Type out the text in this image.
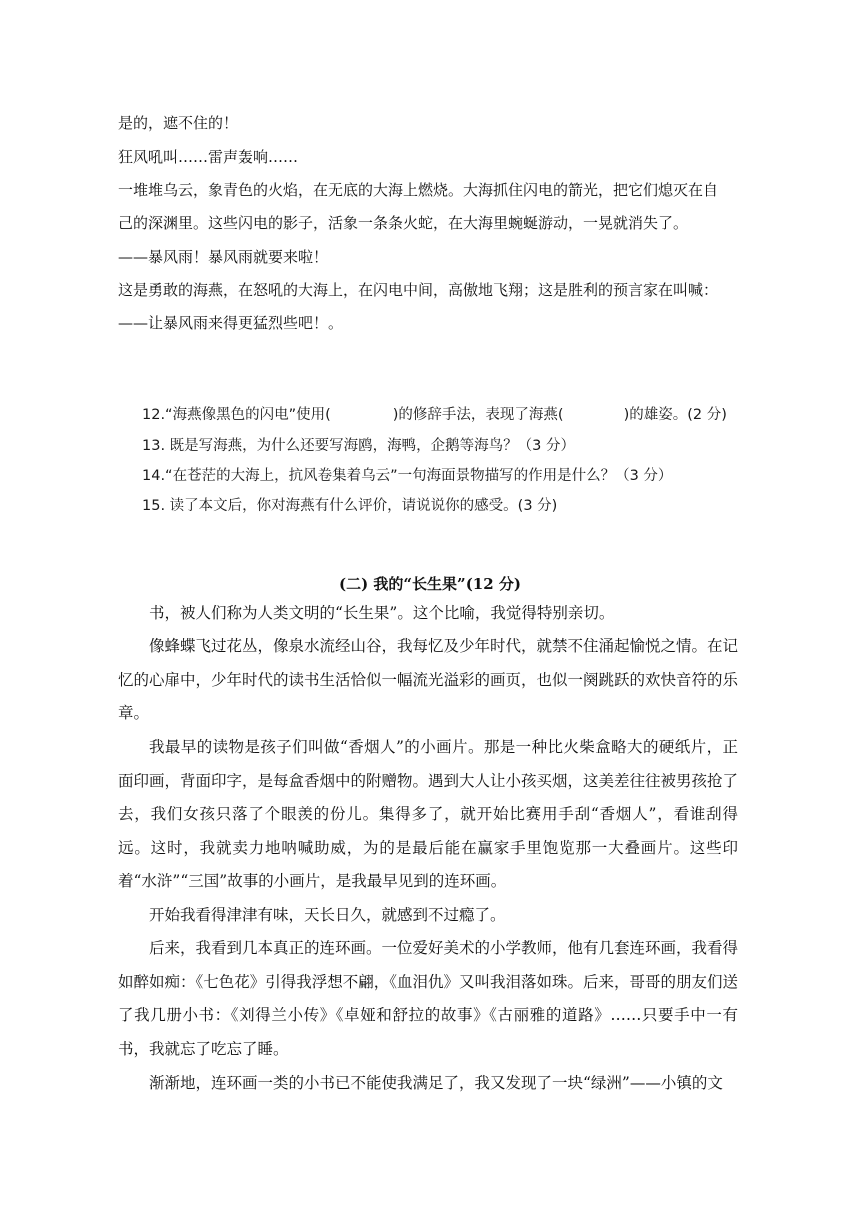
是的，遮不住的！
狂风吼叫……雷声轰响……
一堆堆乌云，象青色的火焰，在无底的大海上燃烧。大海抓住闪电的箭光，把它们熄灭在自
己的深渊里。这些闪电的影子，活象一条条火蛇，在大海里蜿蜒游动，一晃就消失了。
——暴风雨！暴风雨就要来啦！
这是勇敢的海燕，在怒吼的大海上，在闪电中间，高傲地飞翔；这是胜利的预言家在叫喊：
——让暴风雨来得更猛烈些吧！。
12.“海燕像黑色的闪电”使用(	)的修辞手法，表现了海燕(	)的雄姿。(2 分)
13. 既是写海燕，为什么还要写海鸥，海鸭，企鹅等海鸟？（3 分）
14.“在苍茫的大海上，抗风卷集着乌云”一句海面景物描写的作用是什么？（3 分）
15. 读了本文后，你对海燕有什么评价，请说说你的感受。(3 分)
(二) 我的“长生果”(12 分)
书，被人们称为人类文明的“长生果”。这个比喻，我觉得特别亲切。
像蜂蝶飞过花丛，像泉水流经山谷，我每忆及少年时代，就禁不住涌起愉悦之情。在记忆的心扉中，少年时代的读书生活恰似一幅流光溢彩的画页，也似一阕跳跃的欢快音符的乐章。
我最早的读物是孩子们叫做“香烟人”的小画片。那是一种比火柴盒略大的硬纸片，正面印画，背面印字，是每盒香烟中的附赠物。遇到大人让小孩买烟，这美差往往被男孩抢了去，我们女孩只落了个眼羡的份儿。集得多了，就开始比赛用手刮“香烟人”，看谁刮得远。这时，我就卖力地呐喊助威，为的是最后能在赢家手里饱览那一大叠画片。这些印着“水浒”“三国”故事的小画片，是我最早见到的连环画。
开始我看得津津有味，天长日久，就感到不过瘾了。
后来，我看到几本真正的连环画。一位爱好美术的小学教师，他有几套连环画，我看得如醉如痴：《七色花》引得我浮想不翩，《血泪仇》又叫我泪落如珠。后来，哥哥的朋友们送了我几册小书：《刘得兰小传》《卓娅和舒拉的故事》《古丽雅的道路》……只要手中一有书，我就忘了吃忘了睡。
渐渐地，连环画一类的小书已不能使我满足了，我又发现了一块“绿洲”——小镇的文
